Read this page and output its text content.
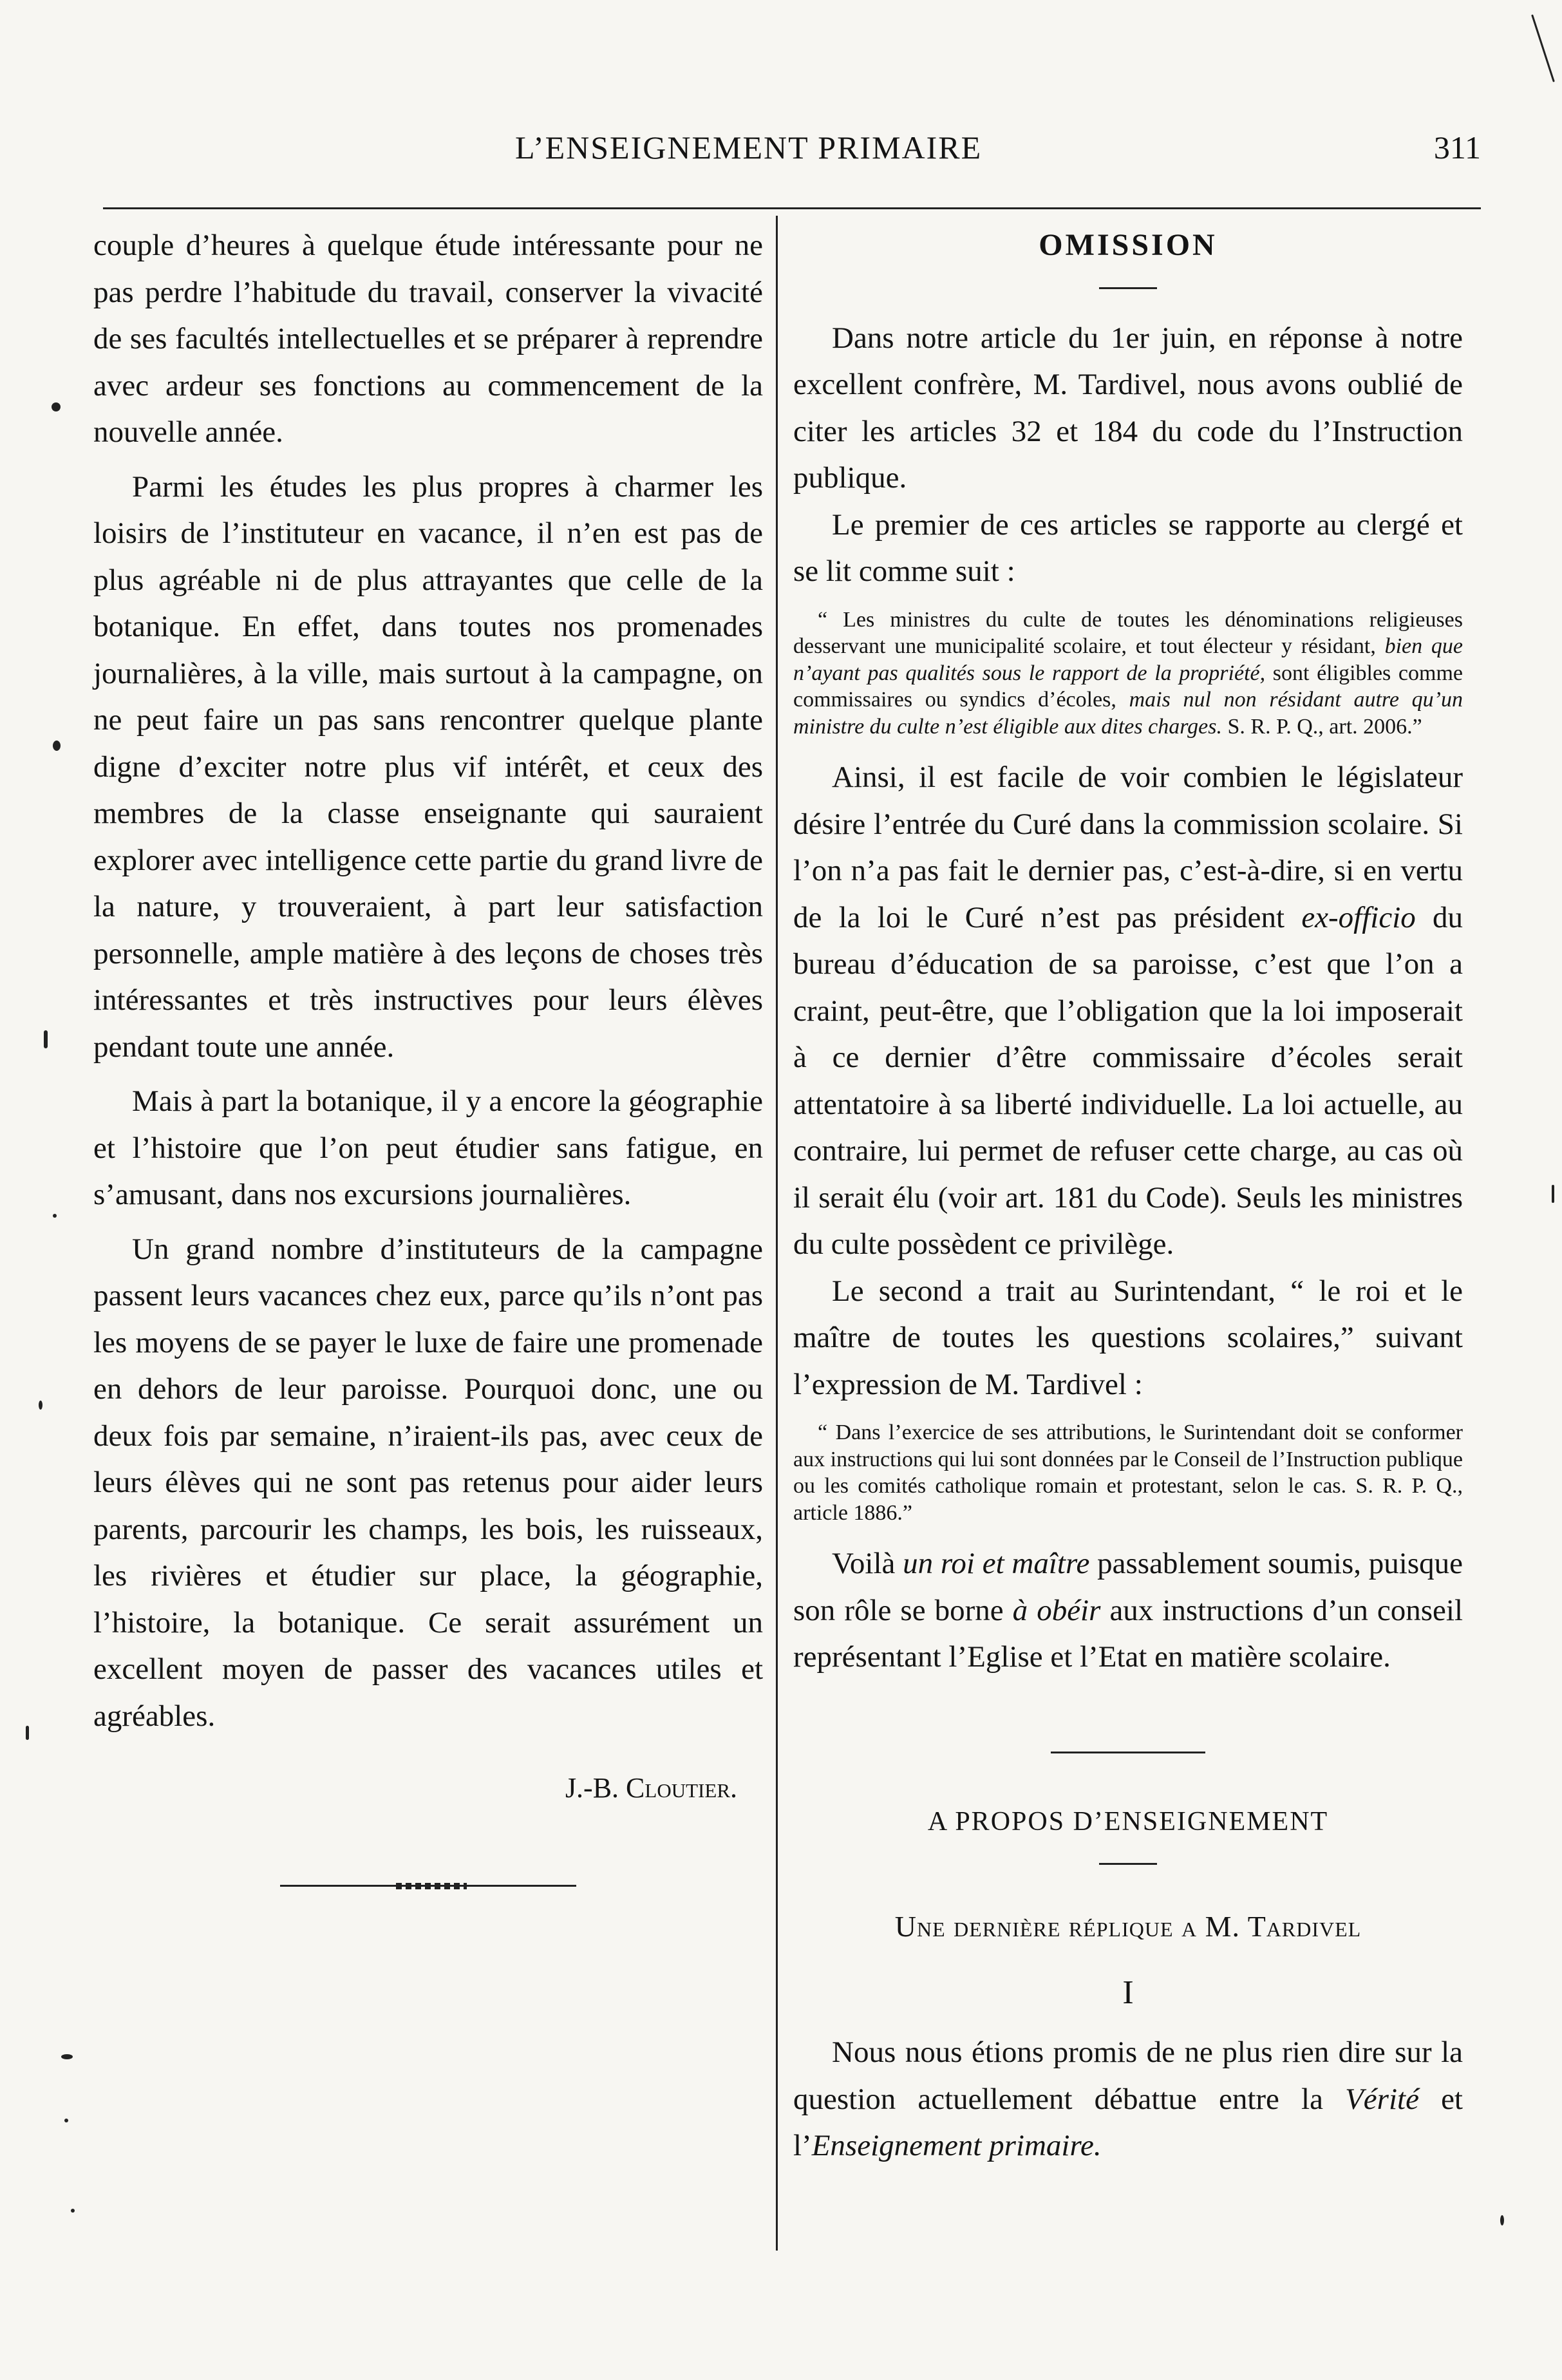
L’ENSEIGNEMENT PRIMAIRE	311

couple d’heures à quelque étude intéressante pour ne pas perdre l’habitude du travail, conserver la vivacité de ses facultés intellectuelles et se préparer à reprendre avec ardeur ses fonctions au commencement de la nouvelle année.

Parmi les études les plus propres à charmer les loisirs de l’instituteur en vacance, il n’en est pas de plus agréable ni de plus attrayantes que celle de la botanique. En effet, dans toutes nos promenades journalières, à la ville, mais surtout à la campagne, on ne peut faire un pas sans rencontrer quelque plante digne d’exciter notre plus vif intérêt, et ceux des membres de la classe enseignante qui sauraient explorer avec intelligence cette partie du grand livre de la nature, y trouveraient, à part leur satisfaction personnelle, ample matière à des leçons de choses très intéressantes et très instructives pour leurs élèves pendant toute une année.

Mais à part la botanique, il y a encore la géographie et l’histoire que l’on peut étudier sans fatigue, en s’amusant, dans nos excursions journalières.

Un grand nombre d’instituteurs de la campagne passent leurs vacances chez eux, parce qu’ils n’ont pas les moyens de se payer le luxe de faire une promenade en dehors de leur paroisse. Pourquoi donc, une ou deux fois par semaine, n’iraient-ils pas, avec ceux de leurs élèves qui ne sont pas retenus pour aider leurs parents, parcourir les champs, les bois, les ruisseaux, les rivières et étudier sur place, la géographie, l’histoire, la botanique. Ce serait assurément un excellent moyen de passer des vacances utiles et agréables.

J.-B. Cloutier.

OMISSION

Dans notre article du 1er juin, en réponse à notre excellent confrère, M. Tardivel, nous avons oublié de citer les articles 32 et 184 du code du l’Instruction publique.

Le premier de ces articles se rapporte au clergé et se lit comme suit :

“ Les ministres du culte de toutes les dénominations religieuses desservant une municipalité scolaire, et tout électeur y résidant, bien que n’ayant pas qualités sous le rapport de la propriété, sont éligibles comme commissaires ou syndics d’écoles, mais nul non résidant autre qu’un ministre du culte n’est éligible aux dites charges. S. R. P. Q., art. 2006.”

Ainsi, il est facile de voir combien le législateur désire l’entrée du Curé dans la commission scolaire. Si l’on n’a pas fait le dernier pas, c’est-à-dire, si en vertu de la loi le Curé n’est pas président ex-officio du bureau d’éducation de sa paroisse, c’est que l’on a craint, peut-être, que l’obligation que la loi imposerait à ce dernier d’être commissaire d’écoles serait attentatoire à sa liberté individuelle. La loi actuelle, au contraire, lui permet de refuser cette charge, au cas où il serait élu (voir art. 181 du Code). Seuls les ministres du culte possèdent ce privilège.

Le second a trait au Surintendant, “ le roi et le maître de toutes les questions scolaires,” suivant l’expression de M. Tardivel :

“ Dans l’exercice de ses attributions, le Surintendant doit se conformer aux instructions qui lui sont données par le Conseil de l’Instruction publique ou les comités catholique romain et protestant, selon le cas. S. R. P. Q., article 1886.”

Voilà un roi et maître passablement soumis, puisque son rôle se borne à obéir aux instructions d’un conseil représentant l’Eglise et l’Etat en matière scolaire.

A PROPOS D’ENSEIGNEMENT

Une dernière réplique a M. Tardivel

I

Nous nous étions promis de ne plus rien dire sur la question actuellement débattue entre la Vérité et l’Enseignement primaire.
